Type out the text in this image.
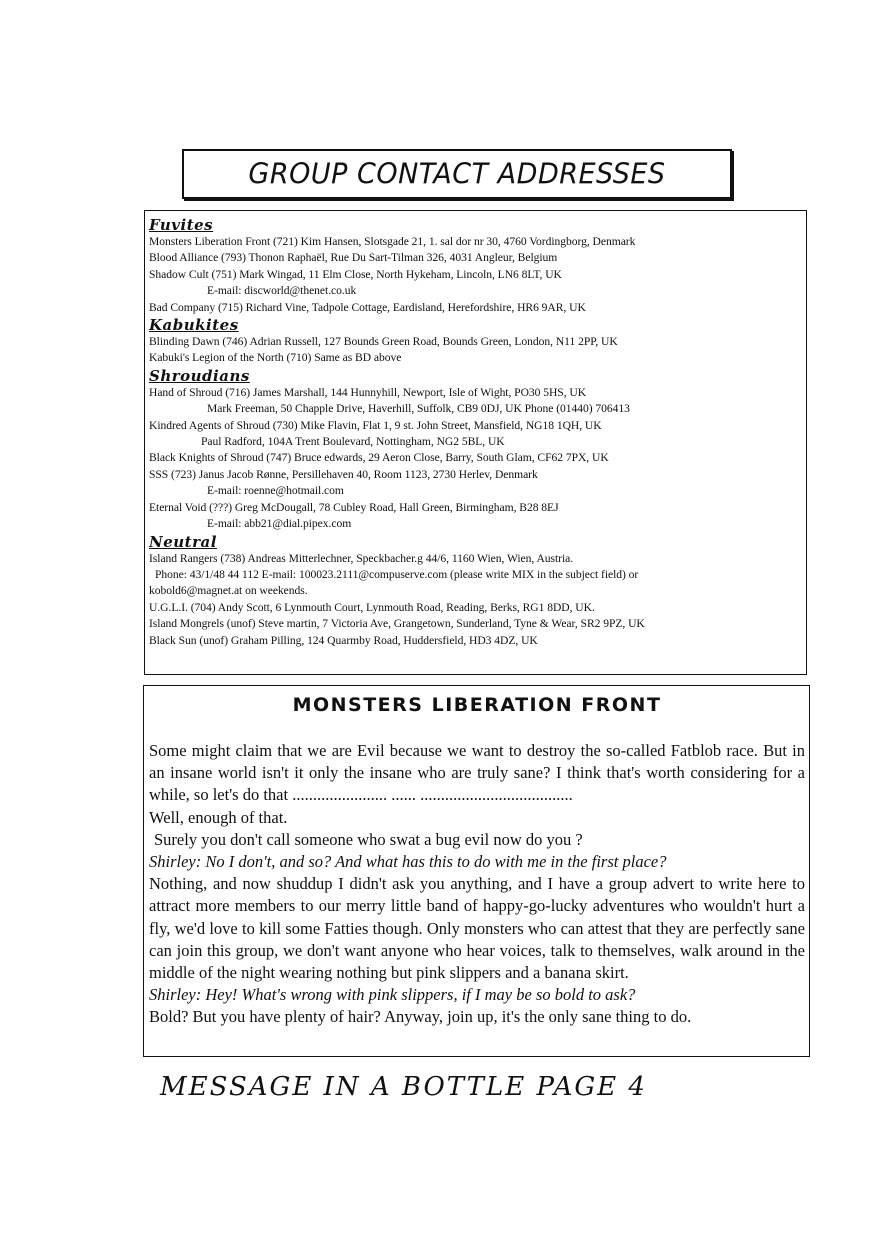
GROUP CONTACT ADDRESSES
Fuvites

Monsters Liberation Front (721) Kim Hansen, Slotsgade 21, 1. sal dor nr 30, 4760 Vordingborg, Denmark

Blood Alliance (793) Thonon Raphaël, Rue Du Sart-Tilman 326, 4031 Angleur, Belgium

Shadow Cult (751) Mark Wingad, 11 Elm Close, North Hykeham, Lincoln, LN6 8LT, UK

E-mail: discworld@thenet.co.uk

Bad Company (715) Richard Vine, Tadpole Cottage, Eardisland, Herefordshire, HR6 9AR, UK

Kabukites

Blinding Dawn (746) Adrian Russell, 127 Bounds Green Road, Bounds Green, London, N11 2PP, UK

Kabuki's Legion of the North (710) Same as BD above

Shroudians

Hand of Shroud (716) James Marshall, 144 Hunnyhill, Newport, Isle of Wight, PO30 5HS, UK

Mark Freeman, 50 Chapple Drive, Haverhill, Suffolk, CB9 0DJ, UK Phone (01440) 706413

Kindred Agents of Shroud (730) Mike Flavin, Flat 1, 9 st. John Street, Mansfield, NG18 1QH, UK

Paul Radford, 104A Trent Boulevard, Nottingham, NG2 5BL, UK

Black Knights of Shroud (747) Bruce edwards, 29 Aeron Close, Barry, South Glam, CF62 7PX, UK

SSS (723) Janus Jacob Rønne, Persillehaven 40, Room 1123, 2730 Herlev, Denmark

E-mail: roenne@hotmail.com

Eternal Void (???) Greg McDougall, 78 Cubley Road, Hall Green, Birmingham, B28 8EJ

E-mail: abb21@dial.pipex.com

Neutral

Island Rangers (738) Andreas Mitterlechner, Speckbacher.g 44/6, 1160 Wien, Wien, Austria.

Phone: 43/1/48 44 112 E-mail: 100023.2111@compuserve.com (please write MIX in the subject field) or

kobold6@magnet.at on weekends.

U.G.L.I. (704) Andy Scott, 6 Lynmouth Court, Lynmouth Road, Reading, Berks, RG1 8DD, UK.

Island Mongrels (unof) Steve martin, 7 Victoria Ave, Grangetown, Sunderland, Tyne & Wear, SR2 9PZ, UK

Black Sun (unof) Graham Pilling, 124 Quarmby Road, Huddersfield, HD3 4DZ, UK

MONSTERS LIBERATION FRONT

Some might claim that we are Evil because we want to destroy the so-called Fatblob race. But in an insane world isn't it only the insane who are truly sane? I think that's worth considering for a while, so let's do that ....................... ...... .....................................

Well, enough of that.

Surely you don't call someone who swat a bug evil now do you ?

Shirley: No I don't, and so? And what has this to do with me in the first place?

Nothing, and now shuddup I didn't ask you anything, and I have a group advert to write here to attract more members to our merry little band of happy-go-lucky adventures who wouldn't hurt a fly, we'd love to kill some Fatties though. Only monsters who can attest that they are perfectly sane can join this group, we don't want anyone who hear voices, talk to themselves, walk around in the middle of the night wearing nothing but pink slippers and a banana skirt.

Shirley: Hey! What's wrong with pink slippers, if I may be so bold to ask?

Bold? But you have plenty of hair? Anyway, join up, it's the only sane thing to do.

MESSAGE IN A BOTTLE PAGE 4
